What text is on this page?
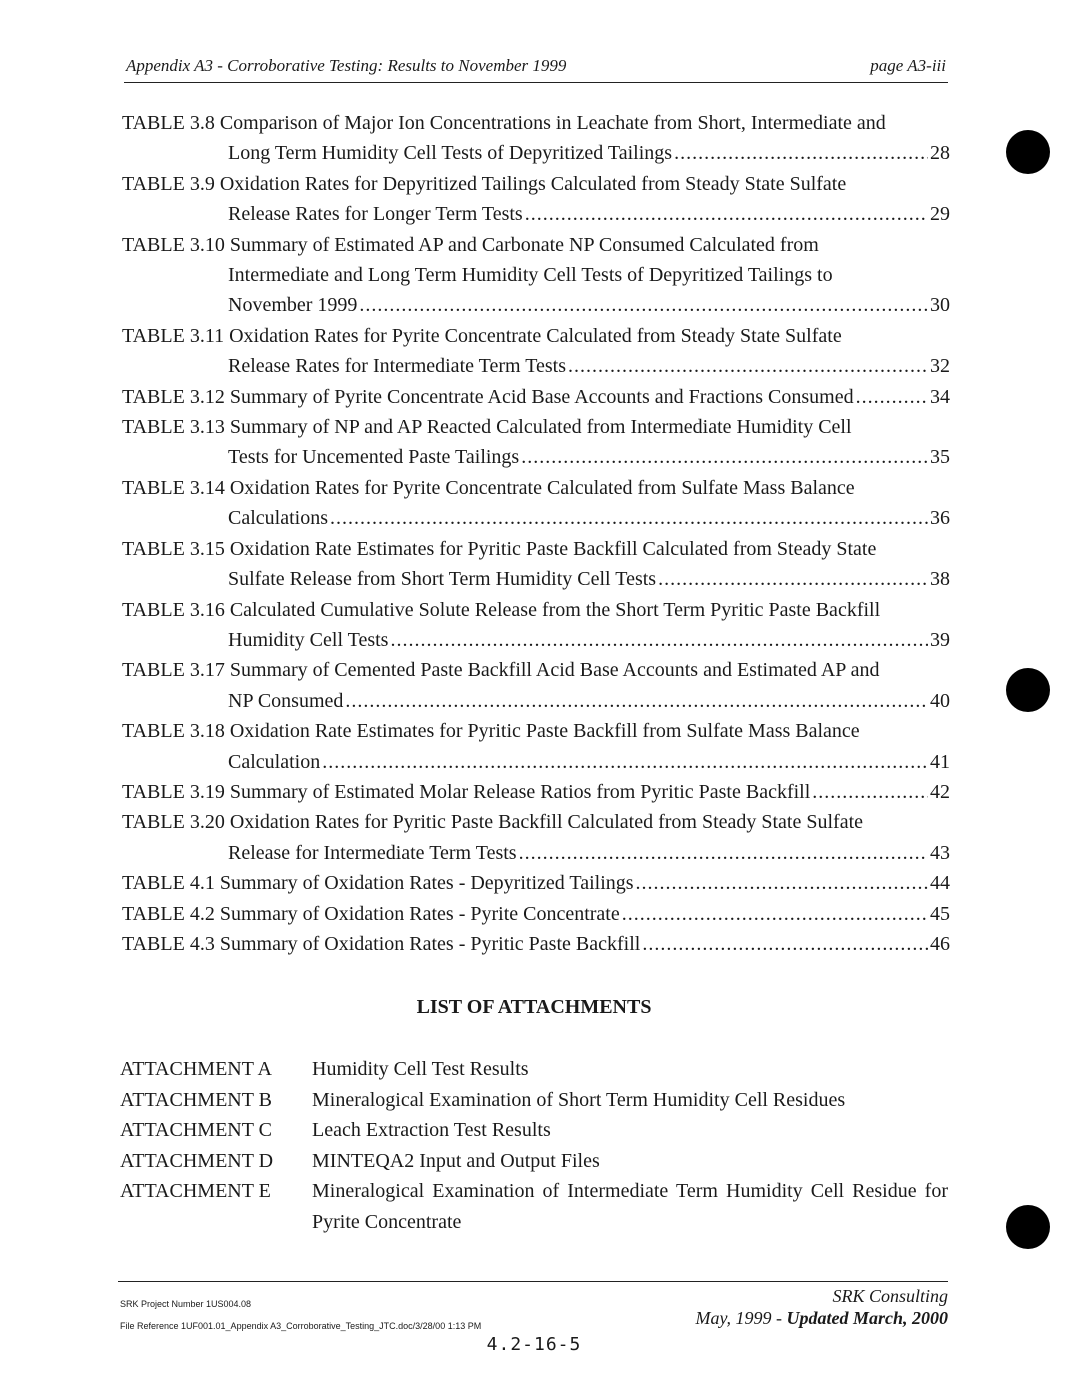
Appendix A3 - Corroborative Testing: Results to November 1999	page A3-iii
TABLE 3.8 Comparison of Major Ion Concentrations in Leachate from Short, Intermediate and
Long Term Humidity Cell Tests of Depyritized Tailings .....	28
TABLE 3.9 Oxidation Rates for Depyritized Tailings Calculated from Steady State Sulfate
Release Rates for Longer Term Tests .....	29
TABLE 3.10 Summary of Estimated AP and Carbonate NP Consumed Calculated from
Intermediate and Long Term Humidity Cell Tests of Depyritized Tailings to
November 1999 .....	30
TABLE 3.11 Oxidation Rates for Pyrite Concentrate Calculated from Steady State Sulfate
Release Rates for Intermediate Term Tests .....	32
TABLE 3.12 Summary of Pyrite Concentrate Acid Base Accounts and Fractions Consumed .....	34
TABLE 3.13 Summary of NP and AP Reacted Calculated from Intermediate Humidity Cell
Tests for Uncemented Paste Tailings .....	35
TABLE 3.14 Oxidation Rates for Pyrite Concentrate Calculated from Sulfate Mass Balance
Calculations .....	36
TABLE 3.15 Oxidation Rate Estimates for Pyritic Paste Backfill Calculated from Steady State
Sulfate Release from Short Term Humidity Cell Tests .....	38
TABLE 3.16 Calculated Cumulative Solute Release from the Short Term Pyritic Paste Backfill
Humidity Cell Tests .....	39
TABLE 3.17 Summary of Cemented Paste Backfill Acid Base Accounts and Estimated AP and
NP Consumed .....	40
TABLE 3.18 Oxidation Rate Estimates for Pyritic Paste Backfill from Sulfate Mass Balance
Calculation .....	41
TABLE 3.19 Summary of Estimated Molar Release Ratios from Pyritic Paste Backfill .....	42
TABLE 3.20 Oxidation Rates for Pyritic Paste Backfill Calculated from Steady State Sulfate
Release for Intermediate Term Tests .....	43
TABLE 4.1 Summary of Oxidation Rates - Depyritized Tailings .....	44
TABLE 4.2 Summary of Oxidation Rates - Pyrite Concentrate .....	45
TABLE 4.3 Summary of Oxidation Rates - Pyritic Paste Backfill .....	46
LIST OF ATTACHMENTS
ATTACHMENT A	Humidity Cell Test Results
ATTACHMENT B	Mineralogical Examination of Short Term Humidity Cell Residues
ATTACHMENT C	Leach Extraction Test Results
ATTACHMENT D	MINTEQA2 Input and Output Files
ATTACHMENT E	Mineralogical Examination of Intermediate Term Humidity Cell Residue for Pyrite Concentrate
SRK Project Number 1US004.08
File Reference 1UF001.01_Appendix A3_Corroborative_Testing_JTC.doc/3/28/00 1:13 PM
SRK Consulting
May, 1999 - Updated March, 2000
4.2-16-5
